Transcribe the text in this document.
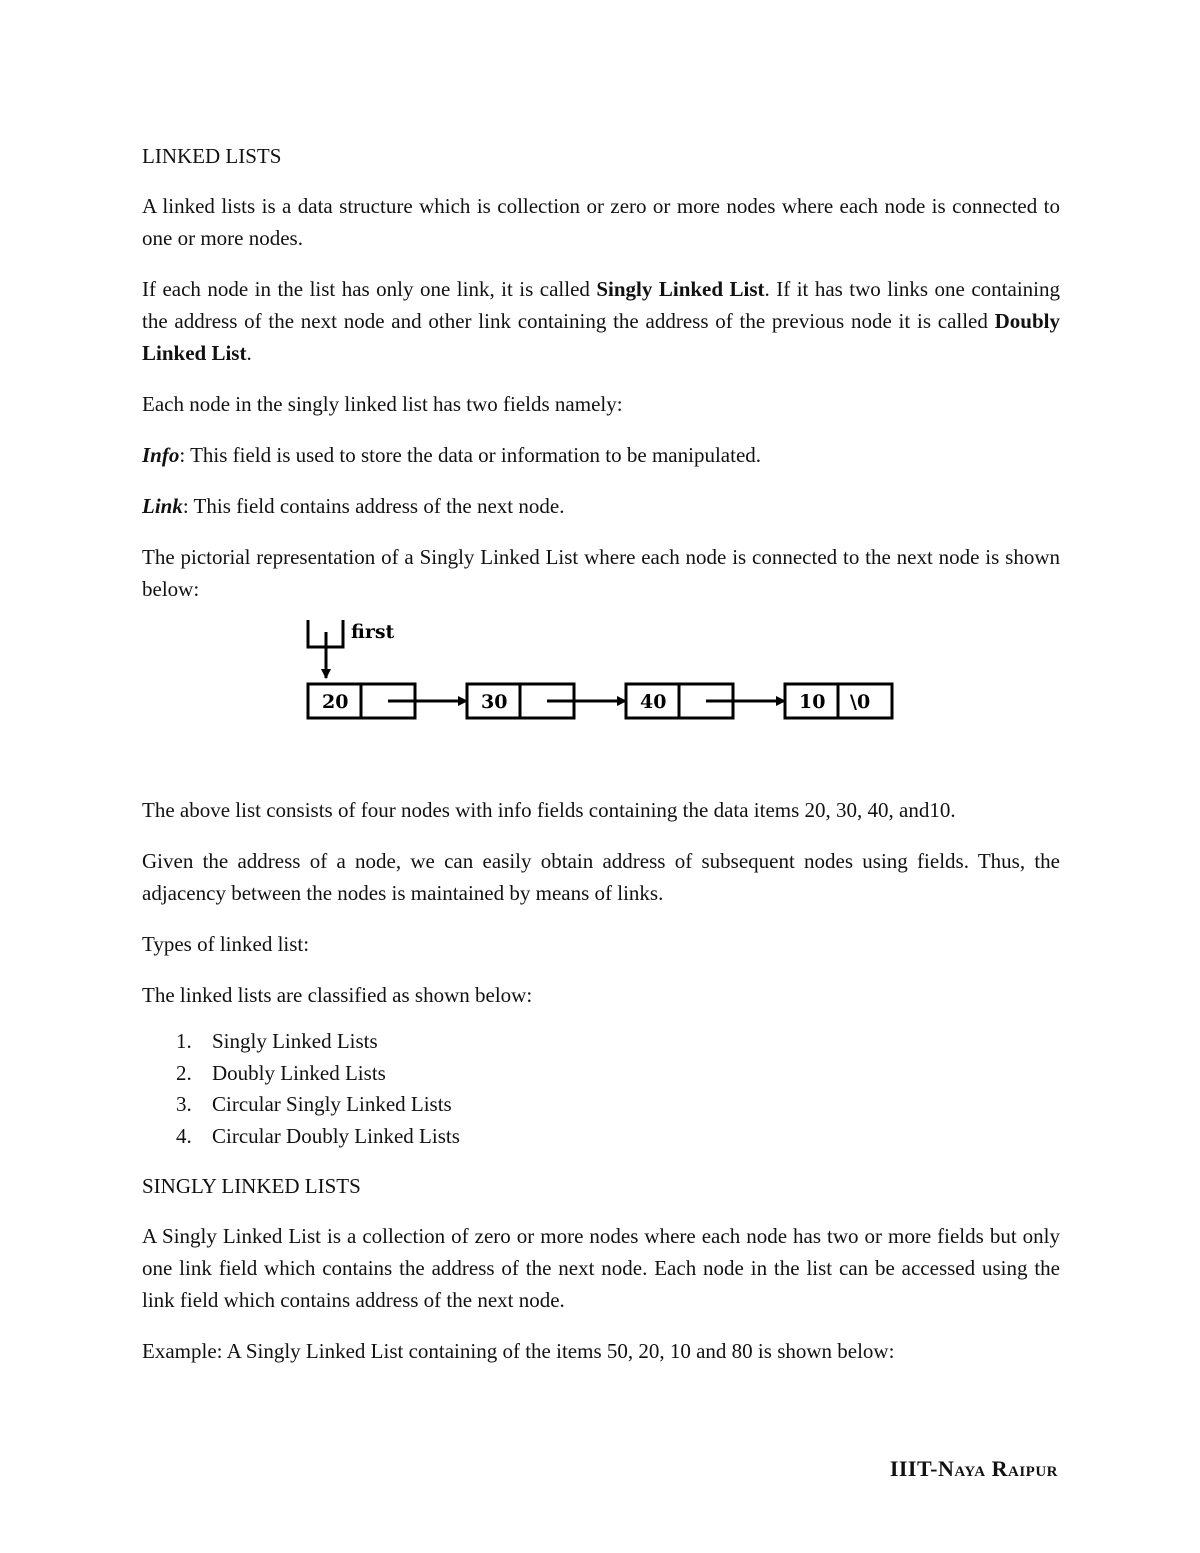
LINKED LISTS

A linked lists is a data structure which is collection or zero or more nodes where each node is connected to one or more nodes.

If each node in the list has only one link, it is called Singly Linked List. If it has two links one containing the address of the next node and other link containing the address of the previous node it is called Doubly Linked List.

Each node in the singly linked list has two fields namely:

Info: This field is used to store the data or information to be manipulated.

Link: This field contains address of the next node.

The pictorial representation of a Singly Linked List where each node is connected to the next node is shown below:

first
20	30	40	10 \0

The above list consists of four nodes with info fields containing the data items 20, 30, 40, and10.

Given the address of a node, we can easily obtain address of subsequent nodes using fields. Thus, the adjacency between the nodes is maintained by means of links.

Types of linked list:

The linked lists are classified as shown below:

1. Singly Linked Lists
2. Doubly Linked Lists
3. Circular Singly Linked Lists
4. Circular Doubly Linked Lists

SINGLY LINKED LISTS

A Singly Linked List is a collection of zero or more nodes where each node has two or more fields but only one link field which contains the address of the next node. Each node in the list can be accessed using the link field which contains address of the next node.

Example: A Singly Linked List containing of the items 50, 20, 10 and 80 is shown below:

IIIT-Naya Raipur
